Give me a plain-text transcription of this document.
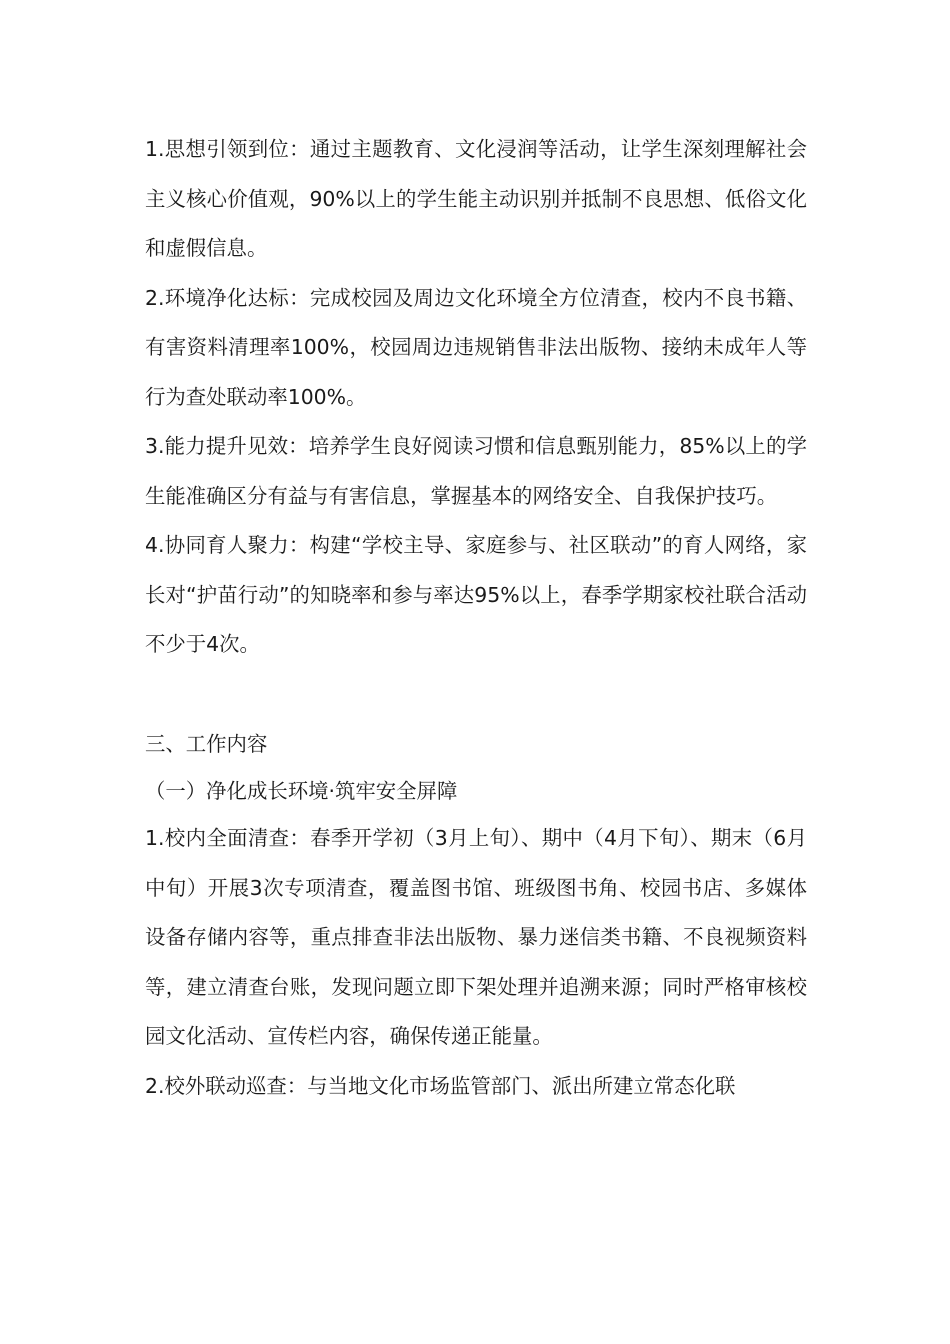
1.思想引领到位：通过主题教育、文化浸润等活动，让学生深刻理解社会主义核心价值观，90%以上的学生能主动识别并抵制不良思想、低俗文化和虚假信息。

2.环境净化达标：完成校园及周边文化环境全方位清查，校内不良书籍、有害资料清理率100%，校园周边违规销售非法出版物、接纳未成年人等行为查处联动率100%。

3.能力提升见效：培养学生良好阅读习惯和信息甄别能力，85%以上的学生能准确区分有益与有害信息，掌握基本的网络安全、自我保护技巧。

4.协同育人聚力：构建“学校主导、家庭参与、社区联动”的育人网络，家长对“护苗行动”的知晓率和参与率达95%以上，春季学期家校社联合活动不少于4次。

三、工作内容

（一）净化成长环境·筑牢安全屏障

1.校内全面清查：春季开学初（3月上旬）、期中（4月下旬）、期末（6月中旬）开展3次专项清查，覆盖图书馆、班级图书角、校园书店、多媒体设备存储内容等，重点排查非法出版物、暴力迷信类书籍、不良视频资料等，建立清查台账，发现问题立即下架处理并追溯来源；同时严格审核校园文化活动、宣传栏内容，确保传递正能量。

2.校外联动巡查：与当地文化市场监管部门、派出所建立常态化联
